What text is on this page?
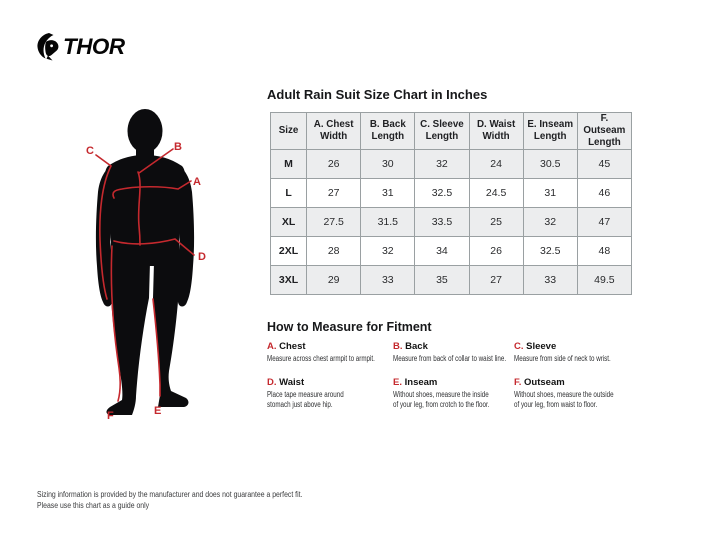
THOR
A
B
C
D
E
F
Adult Rain Suit Size Chart in Inches
Size	A. Chest Width	B. Back Length	C. Sleeve Length	D. Waist Width	E. Inseam Length	F. Outseam Length
M	26	30	32	24	30.5	45
L	27	31	32.5	24.5	31	46
XL	27.5	31.5	33.5	25	32	47
2XL	28	32	34	26	32.5	48
3XL	29	33	35	27	33	49.5
How to Measure for Fitment
A. Chest
Measure across chest armpit to armpit.
B. Back
Measure from back of collar to waist line.
C. Sleeve
Measure from side of neck to wrist.
D. Waist
Place tape measure around
stomach just above hip.
E. Inseam
Without shoes, measure the inside
of your leg, from crotch to the floor.
F. Outseam
Without shoes, measure the outside
of your leg, from waist to floor.
Sizing information is provided by the manufacturer and does not guarantee a perfect fit.
Please use this chart as a guide only
